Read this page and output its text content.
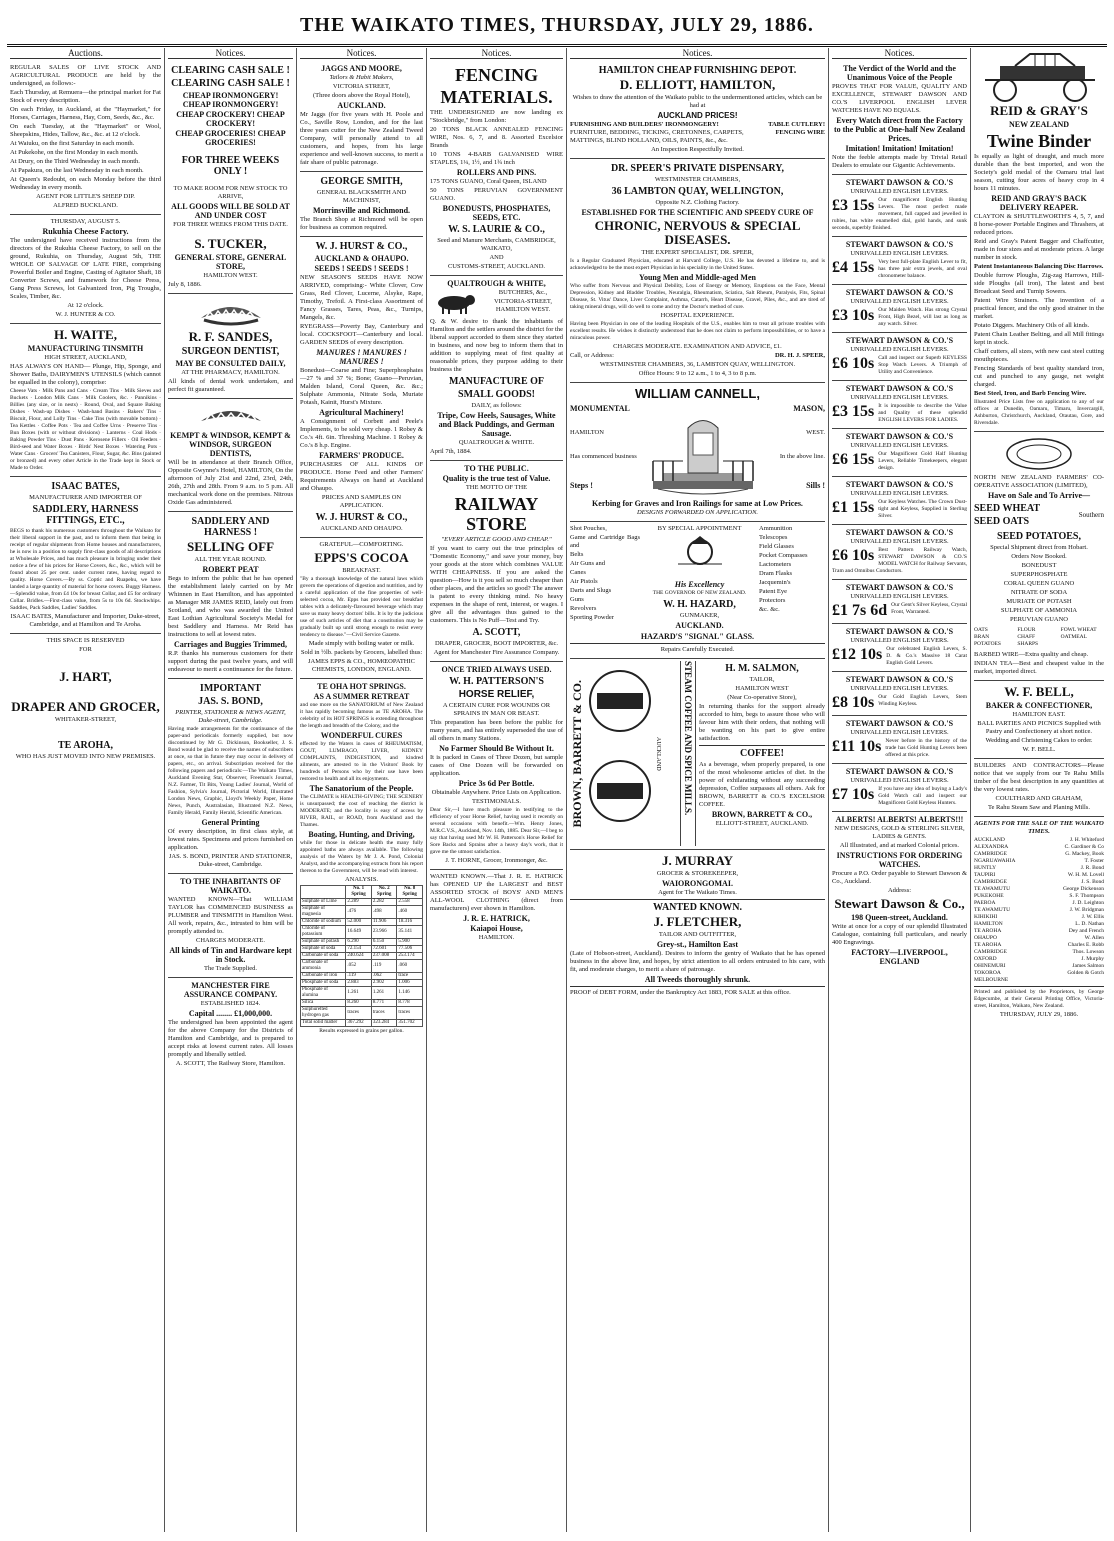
THE WAIKATO TIMES, THURSDAY, JULY 29, 1886.
Auctions.

REGULAR SALES OF LIVE STOCK AND AGRICULTURAL PRODUCE are held by the undersigned, as follows:-

Each Thursday, at Remuera—the principal market for Fat Stock of every description.

On each Friday, in Auckland, at the "Haymarket," for Horses, Carriages, Harness, Hay, Corn, Seeds, &c., &c.

On each Tuesday, at the "Haymarket" or Wool, Sheepskins, Hides, Tallow, &c., &c. at 12 o'clock.

At Waiuku, on the first Saturday in each month.

At Pukekohe, on the first Monday in each month.

At Drury, on the Third Wednesday in each month.

At Papakura, on the last Wednesday in each month.

At Queen's Redoubt, on each Monday before the third Wednesday in every month.

AGENT FOR LITTLE'S SHEEP DIP.

ALFRED BUCKLAND.

THURSDAY, AUGUST 5.

Rukuhia Cheese Factory.

The undersigned have received instructions from the directors of the Rukuhia Cheese Factory, to sell on the ground, Rukuhia, on Thursday, August 5th, THE WHOLE OF SALVAGE OF LATE FIRE, comprising Powerful Boiler and Engine, Casting of Agitator Shaft, 18 Converter Screws, and framework for Cheese Press, Gang Press Screws, lot Galvanized Iron, Pig Troughs, Scales, Timber, &c.

At 12 o'clock.

W. J. HUNTER & CO.

H. WAITE,

MANUFACTURING TINSMITH

HIGH STREET, AUCKLAND,

HAS ALWAYS ON HAND— Plunge, Hip, Sponge, and Shower Baths, DAIRYMEN'S UTENSILS (which cannot be equalled in the colony), comprise:

Cheese Vats · Milk Pans and Cans · Cream Tins · Milk Sieves and Buckets · London Milk Cans · Milk Coolers, &c. · Pannikins · Billies (any size, or in nests) · Round, Oval, and Square Baking Dishes · Wash-up Dishes · Wash-hand Basins · Bakers' Tins · Biscuit, Flour, and Lolly Tins · Cake Tins (with movable bottom) · Tea Kettles · Coffee Pots · Tea and Coffee Urns · Preserve Tins · Bun Boxes (with or without divisions) · Lanterns · Coal Hods · Baking Powder Tins · Dust Pans · Kerosene Fillers · Oil Feeders · Bird-seed and Water Boxes · Birds' Nest Boxes · Watering Pots · Water Cans · Grocers' Tea Canisters, Flour, Sugar, &c. Bins (painted or bronzed) and every other Article in the Trade kept in Stock or Made to Order.

ISAAC BATES,

MANUFACTURER AND IMPORTER OF

SADDLERY, HARNESS FITTINGS, ETC.,

BEGS to thank his numerous customers throughout the Waikato for their liberal support in the past, and to inform them that being in receipt of regular shipments from Home houses and manufacturers, he is now in a position to supply first-class goods of all descriptions at Wholesale Prices, and has much pleasure in bringing under their notice a few of his prices for Horse Covers, &c., &c., which will be found about 25 per cent. under current rates, having regard to quality. Horse Covers.—By ss. Coptic and Ruapehu, we have landed a large quantity of material for horse covers. Buggy Harness.—Splendid value, from £4 10s for breast Collar, and £5 for ordinary Collar. Bridles.—First-class value, from 5s to 10s 6d. Stockwhips. Saddles, Pack Saddles, Ladies' Saddles.

ISAAC BATES, Manufacturer and Importer, Duke-street, Cambridge, and at Hamilton and Te Aroha.

THIS SPACE IS RESERVED

FOR

J. HART,

DRAPER AND GROCER,

WHITAKER-STREET,

TE AROHA,

WHO HAS JUST MOVED INTO NEW PREMISES.

Notices.

CLEARING CASH SALE !

CLEARING CASH SALE !

CHEAP IRONMONGERY! CHEAP IRONMONGERY!

CHEAP CROCKERY! CHEAP CROCKERY!

CHEAP GROCERIES! CHEAP GROCERIES!

FOR THREE WEEKS ONLY !

TO MAKE ROOM FOR NEW STOCK TO ARRIVE,

ALL GOODS WILL BE SOLD AT AND UNDER COST

FOR THREE WEEKS FROM THIS DATE.

S. TUCKER,

GENERAL STORE, GENERAL STORE,

HAMILTON WEST.

July 8, 1886.

R. F. SANDES,

SURGEON DENTIST,

MAY BE CONSULTED DAILY,

AT THE PHARMACY, HAMILTON.

All kinds of dental work undertaken, and perfect fit guaranteed.

KEMPT & WINDSOR, KEMPT & WINDSOR, SURGEON DENTISTS,

Will be in attendance at their Branch Office, Opposite Gwynne's Hotel, HAMILTON, On the afternoon of July 21st and 22nd, 23rd, 24th, 26th, 27th and 28th. From 9 a.m. to 5 p.m. All mechanical work done on the premises. Nitrous Oxide Gas administered.

SADDLERY AND HARNESS !

SELLING OFF

ALL THE YEAR ROUND.

ROBERT PEAT

Begs to inform the public that he has opened the establishment lately carried on by Mr Whinnen in East Hamilton, and has appointed as Manager MR JAMES REID, lately out from Scotland, and who was awarded the United East Lothian Agricultural Society's Medal for best Saddlery and Harness. Mr Reid has instructions to sell at lowest rates.

Carriages and Buggies Trimmed,

R.P. thanks his numerous customers for their support during the past twelve years, and will endeavour to merit a continuance for the future.

IMPORTANT

JAS. S. BOND,

PRINTER, STATIONER & NEWS AGENT, Duke-street, Cambridge.

Having made arrangements for the continuance of the paper-and periodicals formerly supplied, but now discontinued by Mr G. Dickinson, Bookseller, J. S. Bond would be glad to receive the names of subscribers at once, so that in future they may occur in delivery of papers, etc., on arrival. Subscription received for the following papers and periodicals:—The Waikato Times, Auckland Evening Star, Observer, Freeman's Journal, N.Z. Farmer, Tit Bits, Young Ladies' Journal, World of Fashion, Sylvia's Journal, Pictorial World, Illustrated London News, Graphic, Lloyd's Weekly Paper, Home News, Punch, Australasian, Illustrated N.Z. News, Family Herald, Family Herald, Scientific American.

General Printing

Of every description, in first class style, at lowest rates. Specimens and prices furnished on application.

JAS. S. BOND, PRINTER AND STATIONER, Duke-street, Cambridge.

TO THE INHABITANTS OF WAIKATO.

WANTED KNOWN—That WILLIAM TAYLOR has COMMENCED BUSINESS as PLUMBER and TINSMITH in Hamilton West. All work, repairs, &c., intrusted to him will be promptly attended to.

CHARGES MODERATE.

All kinds of Tin and Hardware kept in Stock.

The Trade Supplied.

MANCHESTER FIRE ASSURANCE COMPANY.

ESTABLISHED 1824.

Capital ........ £1,000,000.

The undersigned has been appointed the agent for the above Company for the Districts of Hamilton and Cambridge, and is prepared to accept risks at lowest current rates. All losses promptly and liberally settled.

A. SCOTT, The Railway Store, Hamilton.

Notices.

JAGGS AND MOORE,

Tailors & Habit Makers,

VICTORIA STREET,

(Three doors above the Royal Hotel),

AUCKLAND.

Mr Jaggs (for five years with H. Poole and Co., Saville Row, London, and for the last three years cutter for the New Zealand Tweed Company, will personally attend to all customers, and hopes, from his large experience and well-known success, to merit a fair share of public patronage.

GEORGE SMITH,

GENERAL BLACKSMITH AND MACHINIST,

Morrinsville and Richmond.

The Branch Shop at Richmond will be open for business as common required.

W. J. HURST & CO.,

AUCKLAND & OHAUPO.

SEEDS ! SEEDS ! SEEDS !

NEW SEASON'S SEEDS HAVE NOW ARRIVED, comprising:- White Clover, Cow Grass, Red Clover, Lucerne, Alsyke, Rape, Timothy, Trefoil. A First-class Assortment of Fancy Grasses, Tares, Peas, &c., Turnips, Mangels, &c.

RYEGRASS—Poverty Bay, Canterbury and local. COCKSFOOT—Canterbury and local. GARDEN SEEDS of every description.

MANURES ! MANURES ! MANURES !

Bonedust—Coarse and Fine; Superphosphates—27 % and 37 %; Bone; Guano—Peruvian, Malden Island, Coral Queen, &c. &c.; Sulphate Ammonia, Nitrate Soda, Muriate Potash, Kainit, Hurst's Mixture.

Agricultural Machinery!

A Consignment of Corbett and Peele's Implements, to be sold very cheap. 1 Robey & Co.'s 4ft. 6in. Threshing Machine. 1 Robey & Co.'s 8 h.p. Engine.

FARMERS' PRODUCE.

PURCHASERS OF ALL KINDS OF PRODUCE. Horse Feed and other Farmers' Requirements Always on hand at Auckland and Ohaupo.

PRICES AND SAMPLES ON APPLICATION.

W. J. HURST & CO.,

AUCKLAND AND OHAUPO.

GRATEFUL—COMFORTING.

EPPS'S COCOA

BREAKFAST.

"By a thorough knowledge of the natural laws which govern the operations of digestion and nutrition, and by a careful application of the fine properties of well-selected cocoa, Mr. Epps has provided our breakfast tables with a delicately-flavoured beverage which may save us many heavy doctors' bills. It is by the judicious use of such articles of diet that a constitution may be gradually built up until strong enough to resist every tendency to disease."—Civil Service Gazette.

Made simply with boiling water or milk.

Sold in ½lb. packets by Grocers, labelled thus:

JAMES EPPS & CO., HOMŒOPATHIC CHEMISTS, LONDON, ENGLAND.

TE OHA HOT SPRINGS.

AS A SUMMER RETREAT

and one more on the SANATORIUM of New Zealand it has rapidly becoming famous as TE AROHA. The celebrity of its HOT SPRINGS is extending throughout the length and breadth of the Colony, and the

WONDERFUL CURES

effected by the Waters in cases of RHEUMATISM, GOUT, LUMBAGO, LIVER, KIDNEY COMPLAINTS, INDIGESTION, and kindred ailments, are attested to in the Visitors' Book by hundreds of Persons who by their use have been restored to health and all its enjoyments.

The Sanatorium of the People.

The CLIMATE is HEALTH-GIVING; THE SCENERY is unsurpassed; the cost of reaching the district is MODERATE; and the locality is easy of access by RIVER, RAIL, or ROAD, from Auckland and the Thames.

Boating, Hunting, and Driving,

while for those in delicate health the many fully appointed baths are always available. The following analysis of the Waters by Mr J. A. Pond, Colonial Analyst, and the accompanying extracts from his report thereon to the Government, will be read with interest.

ANALYSIS.

	No. 1 Spring	No. 2 Spring	No. 8 Spring
Sulphate of Lime	2.289	2.282	2.558
Sulphate of magnesia	.476	.498	.460
Chloride of sodium	52.000	11.906	18.316
Chloride of potassium	16.649	23.966	35.141
Sulphate of potash	6.290	6.150	5.900
Sulphate of soda	72.154	72.601	77.506
Carbonate of soda	240.624	237.008	253.174
Carbonate of ammonia	.052	.119	.060
Carbonate of iron	.119	.062	trace
Phosphate of soda	2.883	2.902	1.006
Phosphate of alumina	1.261	1.261	1.146
Silica	8.260	8.771	8.778
Sulphuretted hydrogen gas	traces	traces	traces
Total solid matter	367.292	323.284	351.702

Results expressed in grains per gallon.

Notices.

FENCING

MATERIALS.

THE UNDERSIGNED are now landing ex "Stockbridge," from London:

20 TONS BLACK ANNEALED FENCING WIRE, Nos. 6, 7, and 8. Assorted Excelsior Brands

10 TONS 4-BARB GALVANISED WIRE STAPLES, 1¼, 1½, and 1¾ inch

ROLLERS AND PINS.

175 TONS GUANO, Coral Queen, ISLAND

50 TONS PERUVIAN GOVERNMENT GUANO.

BONEDUSTS, PHOSPHATES, SEEDS, ETC.

W. S. LAURIE & CO.,

Seed and Manure Merchants, CAMBRIDGE, WAIKATO,

AND

CUSTOMS-STREET, AUCKLAND.

QUALTROUGH & WHITE,

BUTCHERS, &c.,

VICTORIA-STREET, HAMILTON WEST.

Q. & W. desire to thank the inhabitants of Hamilton and the settlers around the district for the liberal support accorded to them since they started in business, and now beg to inform them that in addition to supplying meat of first quality at reasonable prices, they purpose adding to their business the

MANUFACTURE OF

SMALL GOODS!

DAILY, as follows:

Tripe, Cow Heels, Sausages, White and Black Puddings, and German Sausage.

QUALTROUGH & WHITE.

April 7th, 1884.

TO THE PUBLIC.

Quality is the true test of Value.

THE MOTTO OF THE

RAILWAY STORE

"EVERY ARTICLE GOOD AND CHEAP."

If you want to carry out the true principles of "Domestic Economy," and save your money, buy your goods at the store which combines VALUE WITH CHEAPNESS. If you are asked the question—How is it you sell so much cheaper than other places, and the articles so good? The answer is patent to every thinking mind. No heavy expenses in the shape of rent, interest, or wages. I give all the advantages thus gained to the customers. This is No Puff—Test and Try.

A. SCOTT,

DRAPER, GROCER, BOOT IMPORTER, &c.

Agent for Manchester Fire Assurance Company.

ONCE TRIED ALWAYS USED.

W. H. PATTERSON'S

HORSE RELIEF,

A CERTAIN CURE FOR WOUNDS OR SPRAINS IN MAN OR BEAST.

This preparation has been before the public for many years, and has entirely superseded the use of all others in many Stations.

No Farmer Should Be Without It.

It is packed in Cases of Three Dozen, but sample cases of One Dozen will be forwarded on application.

Price 3s 6d Per Bottle.

Obtainable Anywhere. Price Lists on Application.

TESTIMONIALS.

Dear Sir,—I have much pleasure in testifying to the efficiency of your Horse Relief, having used it recently on several occasions with benefit.—Wm. Henry Jones, M.R.C.V.S., Auckland, Nov. 14th, 1885. Dear Sir,—I beg to say that having used Mr W. H. Patterson's Horse Relief for Sore Backs and Sprains after a heavy day's work, that it gave me the utmost satisfaction.

J. T. HORNE, Grocer, Ironmonger, &c.

WANTED KNOWN.—That J. R. E. HATRICK has OPENED UP the LARGEST and BEST ASSORTED STOCK of BOYS' AND MEN'S ALL-WOOL CLOTHING (direct from manufacturers) ever shown in Hamilton.

J. R. E. HATRICK,

Kaiapoi House,

HAMILTON.

Notices.

HAMILTON CHEAP FURNISHING DEPOT.

D. ELLIOTT, HAMILTON,

Wishes to draw the attention of the Waikato public to the undermentioned articles, which can be had at

AUCKLAND PRICES!

FURNISHING AND BUILDERS' IRONMONGERY!	TABLE CUTLERY!
FURNITURE, BEDDING, TICKING, CRETONNES, CARPETS, MATTINGS, BLIND HOLLAND, OILS, PAINTS, &c., &c.
FENCING WIRE

An Inspection Respectfully Invited.

DR. SPEER'S PRIVATE DISPENSARY,

WESTMINSTER CHAMBERS,

36 LAMBTON QUAY, WELLINGTON,

Opposite N.Z. Clothing Factory.

ESTABLISHED FOR THE SCIENTIFIC AND SPEEDY CURE OF

CHRONIC, NERVOUS & SPECIAL DISEASES.

THE EXPERT SPECIALIST, DR. SPEER,

Is a Regular Graduated Physician, educated at Harvard College, U.S. He has devoted a lifetime to, and is acknowledged to be the most expert Physician in his speciality in the United States.

Young Men and Middle-aged Men

Who suffer from Nervous and Physical Debility, Loss of Energy or Memory, Eruptions on the Face, Mental Depression, Kidney and Bladder Troubles, Neuralgia, Rheumatism, Sciatica, Salt Rheum, Paralysis, Fits, Spinal Disease, St. Vitus' Dance, Liver Complaint, Asthma, Catarrh, Heart Disease, Gravel, Piles, &c., and are tired of taking mineral drugs, will do well to come and try the Doctor's method of cure.

HOSPITAL EXPERIENCE.

Having been Physician in one of the leading Hospitals of the U.S., enables him to treat all private troubles with excellent results. He wishes it distinctly understood that he does not claim to perform impossibilities, or to have a miraculous power.

CHARGES MODERATE. EXAMINATION AND ADVICE, £1.

Call, or Address:	DR. H. J. SPEER,

WESTMINSTER CHAMBERS, 36, LAMBTON QUAY, WELLINGTON.

Office Hours: 9 to 12 a.m., 1 to 4, 3 to 8 p.m.

WILLIAM CANNELL,

MONUMENTAL

HAMILTON

Has commenced business

Steps !

MASON,

WEST.

In the above line.

Sills !

Kerbing for Graves and Iron Railings for same at Low Prices.

DESIGNS FORWARDED ON APPLICATION.

Shot Pouches,

Game and Cartridge Bags and

Belts

Air Guns and

Canes

Air Pistols

Darts and Slugs

Guns

Revolvers

Sporting Powder

BY SPECIAL APPOINTMENT

His Excellency

THE GOVERNOR OF NEW ZEALAND.

W. H. HAZARD,

GUNMAKER,

AUCKLAND.

Ammunition

Telescopes

Field Glasses

Pocket Compasses

Lactometers

Dram Flasks

Jacquemin's

Patent Eye

Protectors

&c. &c.

HAZARD'S "SIGNAL" GLASS.

Repairs Carefully Executed.

BROWN, BARRETT & CO.	AUCKLAND STEAM COFFEE AND SPICE MILLS.	H. M. SALMON,

TAILOR,

HAMILTON WEST

(Near Co-operative Store),

In returning thanks for the support already accorded to him, begs to assure those who will favour him with their orders, that nothing will be wanting on his part to give entire satisfaction.

COFFEE!

As a beverage, when properly prepared, is one of the most wholesome articles of diet. In the power of exhilarating without any succeeding depression, Coffee surpasses all others. Ask for BROWN, BARRETT & CO.'S EXCELSIOR COFFEE.

BROWN, BARRETT & CO.,

ELLIOTT-STREET, AUCKLAND.

J. MURRAY

GROCER & STOREKEEPER,

WAIORONGOMAI.

Agent for The Waikato Times.

WANTED KNOWN.

J. FLETCHER,

TAILOR AND OUTFITTER,

Grey-st., Hamilton East

(Late of Hobson-street, Auckland). Desires to inform the gentry of Waikato that he has opened business in the above line, and hopes, by strict attention to all orders entrusted to his care, with fit, and moderate charges, to merit a share of patronage.

All Tweeds thoroughly shrunk.

PROOF of DEBT FORM, under the Bankruptcy Act 1883, FOR SALE at this office.

Notices.

The Verdict of the World and the Unanimous Voice of the People

PROVES THAT FOR VALUE, QUALITY AND EXCELLENCE, STEWART DAWSON AND CO.'S LIVERPOOL ENGLISH LEVER WATCHES HAVE NO EQUALS.

Every Watch direct from the Factory to the Public at One-half New Zealand Prices.

Imitation! Imitation! Imitation!

Note the feeble attempts made by Trivial Retail Dealers to emulate our Gigantic Achievements.

STEWART DAWSON & CO.'S

UNRIVALLED ENGLISH LEVERS.

£3 15s Our magnificent English Hunting Levers. The most perfect made movement, full capped and jewelled in rubies, has white enamelled dial, gold hands, and sunk seconds, superbly finished.

STEWART DAWSON & CO.'S

UNRIVALLED ENGLISH LEVERS.

£4 15s Very best full-plate English Lever to fit, has three pair extra jewels, and oval chronometer balance.

STEWART DAWSON & CO.'S

UNRIVALLED ENGLISH LEVERS.

£3 10s Our Maiden Watch. Has strong Crystal Front, High Bezel, will last as long as any watch. Silver.

STEWART DAWSON & CO.'S

UNRIVALLED ENGLISH LEVERS.

£6 10s Call and inspect our Superb KEYLESS Stop Watch Levers. A Triumph of Utility and Convenience.

STEWART DAWSON & CO.'S

UNRIVALLED ENGLISH LEVERS.

£3 15s It is impossible to describe the Value and Quality of these splendid ENGLISH LEVERS FOR LADIES.

STEWART DAWSON & CO.'S

UNRIVALLED ENGLISH LEVERS.

£6 15s Our Magnificent Gold Half Hunting Levers, Reliable Timekeepers, elegant design.

STEWART DAWSON & CO.'S

UNRIVALLED ENGLISH LEVERS.

£1 15s Our Keyless Watches. The Crown Dust-tight and Keyless, Supplied in Sterling Silver.

STEWART DAWSON & CO.'S

UNRIVALLED ENGLISH LEVERS.

£6 10s Best Pattern Railway Watch, STEWART DAWSON & CO.'S MODEL WATCH for Railway Servants, Tram and Omnibus Conductors.

STEWART DAWSON & CO.'S

UNRIVALLED ENGLISH LEVERS.

£1 7s 6d Our Gent's Silver Keyless, Crystal Front, Warranted.

STEWART DAWSON & CO.'S

UNRIVALLED ENGLISH LEVERS.

£12 10s Our celebrated English Levers, S. D. & Co.'s Massive 18 Carat English Gold Levers.

STEWART DAWSON & CO.'S

UNRIVALLED ENGLISH LEVERS.

£8 10s Our Gold English Levers, Stem Winding Keyless.

STEWART DAWSON & CO.'S

UNRIVALLED ENGLISH LEVERS.

£11 10s Never before in the history of the trade has Gold Hunting Levers been offered at this price.

STEWART DAWSON & CO.'S

UNRIVALLED ENGLISH LEVERS.

£7 10s If you have any idea of buying a Lady's Gold Watch call and inspect our Magnificent Gold Keyless Hunters.

ALBERTS! ALBERTS! ALBERTS!!!

NEW DESIGNS, GOLD & STERLING SILVER, LADIES & GENTS.

All Illustrated, and at marked Colonial prices.

INSTRUCTIONS FOR ORDERING WATCHES.

Procure a P.O. Order payable to Stewart Dawson & Co., Auckland.

Address:

Stewart Dawson & Co.,

198 Queen-street, Auckland.

Write at once for a copy of our splendid Illustrated Catalogue, containing full particulars, and nearly 400 Engravings.

FACTORY—LIVERPOOL, ENGLAND

REID & GRAY'S

NEW ZEALAND

Twine Binder

Is equally as light of draught, and much more durable than the best imported, and won the Society's gold medal of the Oamaru trial last season, cutting four acres of heavy crop in 4 hours 11 minutes.

REID AND GRAY'S BACK DELIVERY REAPER.

CLAYTON & SHUTTLEWORTH'S 4, 5, 7, and 8 horse-power Portable Engines and Thrashers, at reduced prices.

Reid and Gray's Patent Bagger and Chaffcutter, made in four sizes and at moderate prices. A large number in stock.

Patent Instantaneous Balancing Disc Harrows.

Double furrow Ploughs, Zig-zag Harrows, Hill-side Ploughs (all iron), The latest and best Broadcast Seed and Turnip Sowers.

Patent Wire Strainers. The invention of a practical fencer, and the only good strainer in the market.

Potato Diggers. Machinery Oils of all kinds.

Patent Chain Leather Belting, and all Mill fittings kept in stock.

Chaff cutters, all sizes, with new cast steel cutting mouthpieces.

Fencing Standards of best quality standard iron, cut and punched to any gauge, net weight charged.

Best Steel, Iron, and Barb Fencing Wire.

Illustrated Price Lists free on application to any of our offices at Dunedin, Oamaru, Timaru, Invercargill, Ashburton, Christchurch, Auckland, Otautau, Gore, and Riversdale.

NORTH NEW ZEALAND FARMERS' CO-OPERATIVE ASSOCIATION (LIMITED),

Have on Sale and To Arrive—

SEED WHEAT

SEED OATS

Southern

SEED POTATOES,

Special Shipment direct from Hobart.

Orders Now Booked.

BONEDUST

SUPERPHOSPHATE

CORAL QUEEN GUANO

NITRATE OF SODA

MURIATE OF POTASH

SULPHATE OF AMMONIA

PERUVIAN GUANO

OATS	FLOUR	FOWL WHEAT
BRAN	CHAFF	OATMEAL
POTATOES	SHARPS

BARBED WIRE—Extra quality and cheap.

INDIAN TEA—Best and cheapest value in the market, imported direct.

W. F. BELL,

BAKER & CONFECTIONER,

HAMILTON EAST.

BALL PARTIES AND PICNICS Supplied with Pastry and Confectionery at short notice.

Wedding and Christening Cakes to order.

W. F. BELL.

BUILDERS AND CONTRACTORS—Please notice that we supply from our Te Rahu Mills timber of the best description in any quantities at the very lowest rates.

COULTHARD AND GRAHAM,

Te Rahu Steam Saw and Planing Mills.

AGENTS FOR THE SALE OF THE WAIKATO TIMES.

AUCKLAND	J. H. Whiteford
ALEXANDRA	C. Gardiner & Co
CAMBRIDGE	G. Mackey, Book
NGARUAWAHIA	T. Foster
HUNTLY	J. R. Bond
TAUPIRI	W. H. M. Lovell
CAMBRIDGE	J. S. Bond
TE AWAMUTU	George Dickenson
PUKEKOHE	S. F. Thompson
PAEROA	J. D. Leighton
TE AWAMUTU	J. W. Bridgman
KIHIKIHI	J. W. Ellis
HAMILTON	L. D. Nathan
TE AROHA	Dey and French
OHAUPO	W. Allen
TE AROHA	Charles E. Robb
CAMBRIDGE	Thos. Lowson
OXFORD	J. Murphy
OHINEMURI	James Salmon
TOKOROA	Golden & Gotch
MELBOURNE

Printed and published by the Proprietors, by George Edgecumbe, at their General Printing Office, Victoria-street, Hamilton, Waikato, New Zealand.

THURSDAY, JULY 29, 1886.
